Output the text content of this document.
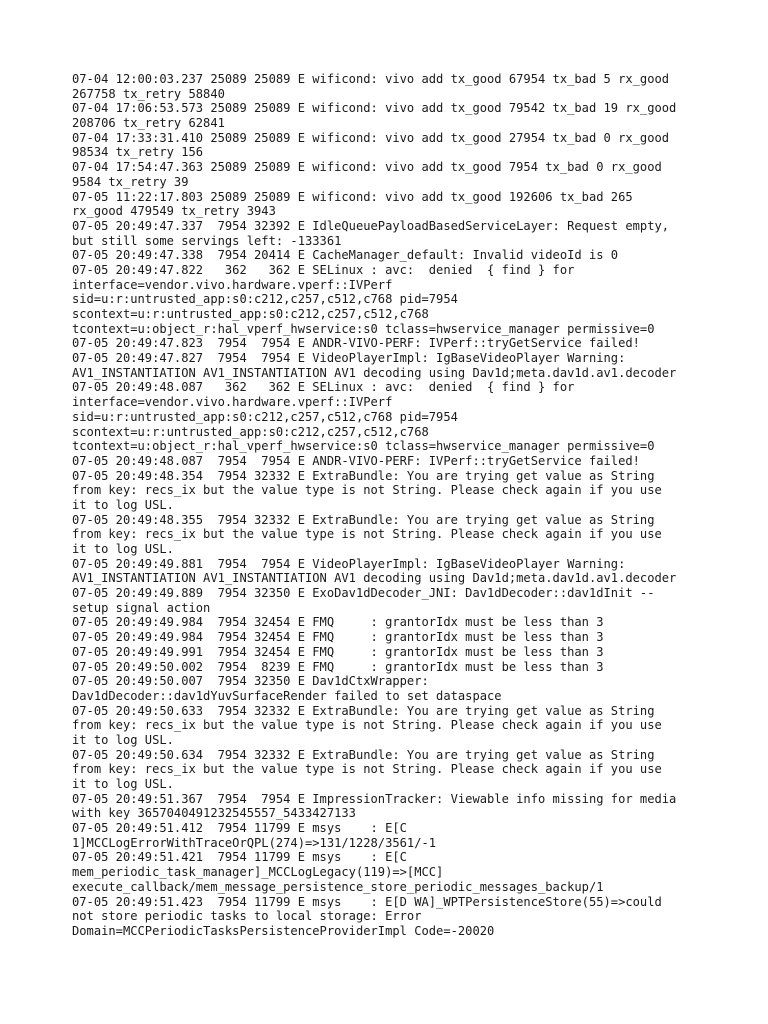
07-04 12:00:03.237 25089 25089 E wificond: vivo add tx_good 67954 tx_bad 5 rx_good
267758 tx_retry 58840
07-04 17:06:53.573 25089 25089 E wificond: vivo add tx_good 79542 tx_bad 19 rx_good
208706 tx_retry 62841
07-04 17:33:31.410 25089 25089 E wificond: vivo add tx_good 27954 tx_bad 0 rx_good
98534 tx_retry 156
07-04 17:54:47.363 25089 25089 E wificond: vivo add tx_good 7954 tx_bad 0 rx_good
9584 tx_retry 39
07-05 11:22:17.803 25089 25089 E wificond: vivo add tx_good 192606 tx_bad 265
rx_good 479549 tx_retry 3943
07-05 20:49:47.337  7954 32392 E IdleQueuePayloadBasedServiceLayer: Request empty,
but still some servings left: -133361
07-05 20:49:47.338  7954 20414 E CacheManager_default: Invalid videoId is 0
07-05 20:49:47.822   362   362 E SELinux : avc:  denied  { find } for
interface=vendor.vivo.hardware.vperf::IVPerf
sid=u:r:untrusted_app:s0:c212,c257,c512,c768 pid=7954
scontext=u:r:untrusted_app:s0:c212,c257,c512,c768
tcontext=u:object_r:hal_vperf_hwservice:s0 tclass=hwservice_manager permissive=0
07-05 20:49:47.823  7954  7954 E ANDR-VIVO-PERF: IVPerf::tryGetService failed!
07-05 20:49:47.827  7954  7954 E VideoPlayerImpl: IgBaseVideoPlayer Warning:
AV1_INSTANTIATION AV1_INSTANTIATION AV1 decoding using Dav1d;meta.dav1d.av1.decoder
07-05 20:49:48.087   362   362 E SELinux : avc:  denied  { find } for
interface=vendor.vivo.hardware.vperf::IVPerf
sid=u:r:untrusted_app:s0:c212,c257,c512,c768 pid=7954
scontext=u:r:untrusted_app:s0:c212,c257,c512,c768
tcontext=u:object_r:hal_vperf_hwservice:s0 tclass=hwservice_manager permissive=0
07-05 20:49:48.087  7954  7954 E ANDR-VIVO-PERF: IVPerf::tryGetService failed!
07-05 20:49:48.354  7954 32332 E ExtraBundle: You are trying get value as String
from key: recs_ix but the value type is not String. Please check again if you use
it to log USL.
07-05 20:49:48.355  7954 32332 E ExtraBundle: You are trying get value as String
from key: recs_ix but the value type is not String. Please check again if you use
it to log USL.
07-05 20:49:49.881  7954  7954 E VideoPlayerImpl: IgBaseVideoPlayer Warning:
AV1_INSTANTIATION AV1_INSTANTIATION AV1 decoding using Dav1d;meta.dav1d.av1.decoder
07-05 20:49:49.889  7954 32350 E ExoDav1dDecoder_JNI: Dav1dDecoder::dav1dInit --
setup signal action
07-05 20:49:49.984  7954 32454 E FMQ     : grantorIdx must be less than 3
07-05 20:49:49.984  7954 32454 E FMQ     : grantorIdx must be less than 3
07-05 20:49:49.991  7954 32454 E FMQ     : grantorIdx must be less than 3
07-05 20:49:50.002  7954  8239 E FMQ     : grantorIdx must be less than 3
07-05 20:49:50.007  7954 32350 E Dav1dCtxWrapper:
Dav1dDecoder::dav1dYuvSurfaceRender failed to set dataspace
07-05 20:49:50.633  7954 32332 E ExtraBundle: You are trying get value as String
from key: recs_ix but the value type is not String. Please check again if you use
it to log USL.
07-05 20:49:50.634  7954 32332 E ExtraBundle: You are trying get value as String
from key: recs_ix but the value type is not String. Please check again if you use
it to log USL.
07-05 20:49:51.367  7954  7954 E ImpressionTracker: Viewable info missing for media
with key 3657040491232545557_5433427133
07-05 20:49:51.412  7954 11799 E msys    : E[C
1]MCCLogErrorWithTraceOrQPL(274)=>131/1228/3561/-1
07-05 20:49:51.421  7954 11799 E msys    : E[C
mem_periodic_task_manager]_MCCLogLegacy(119)=>[MCC]
execute_callback/mem_message_persistence_store_periodic_messages_backup/1
07-05 20:49:51.423  7954 11799 E msys    : E[D WA]_WPTPersistenceStore(55)=>could
not store periodic tasks to local storage: Error
Domain=MCCPeriodicTasksPersistenceProviderImpl Code=-20020
